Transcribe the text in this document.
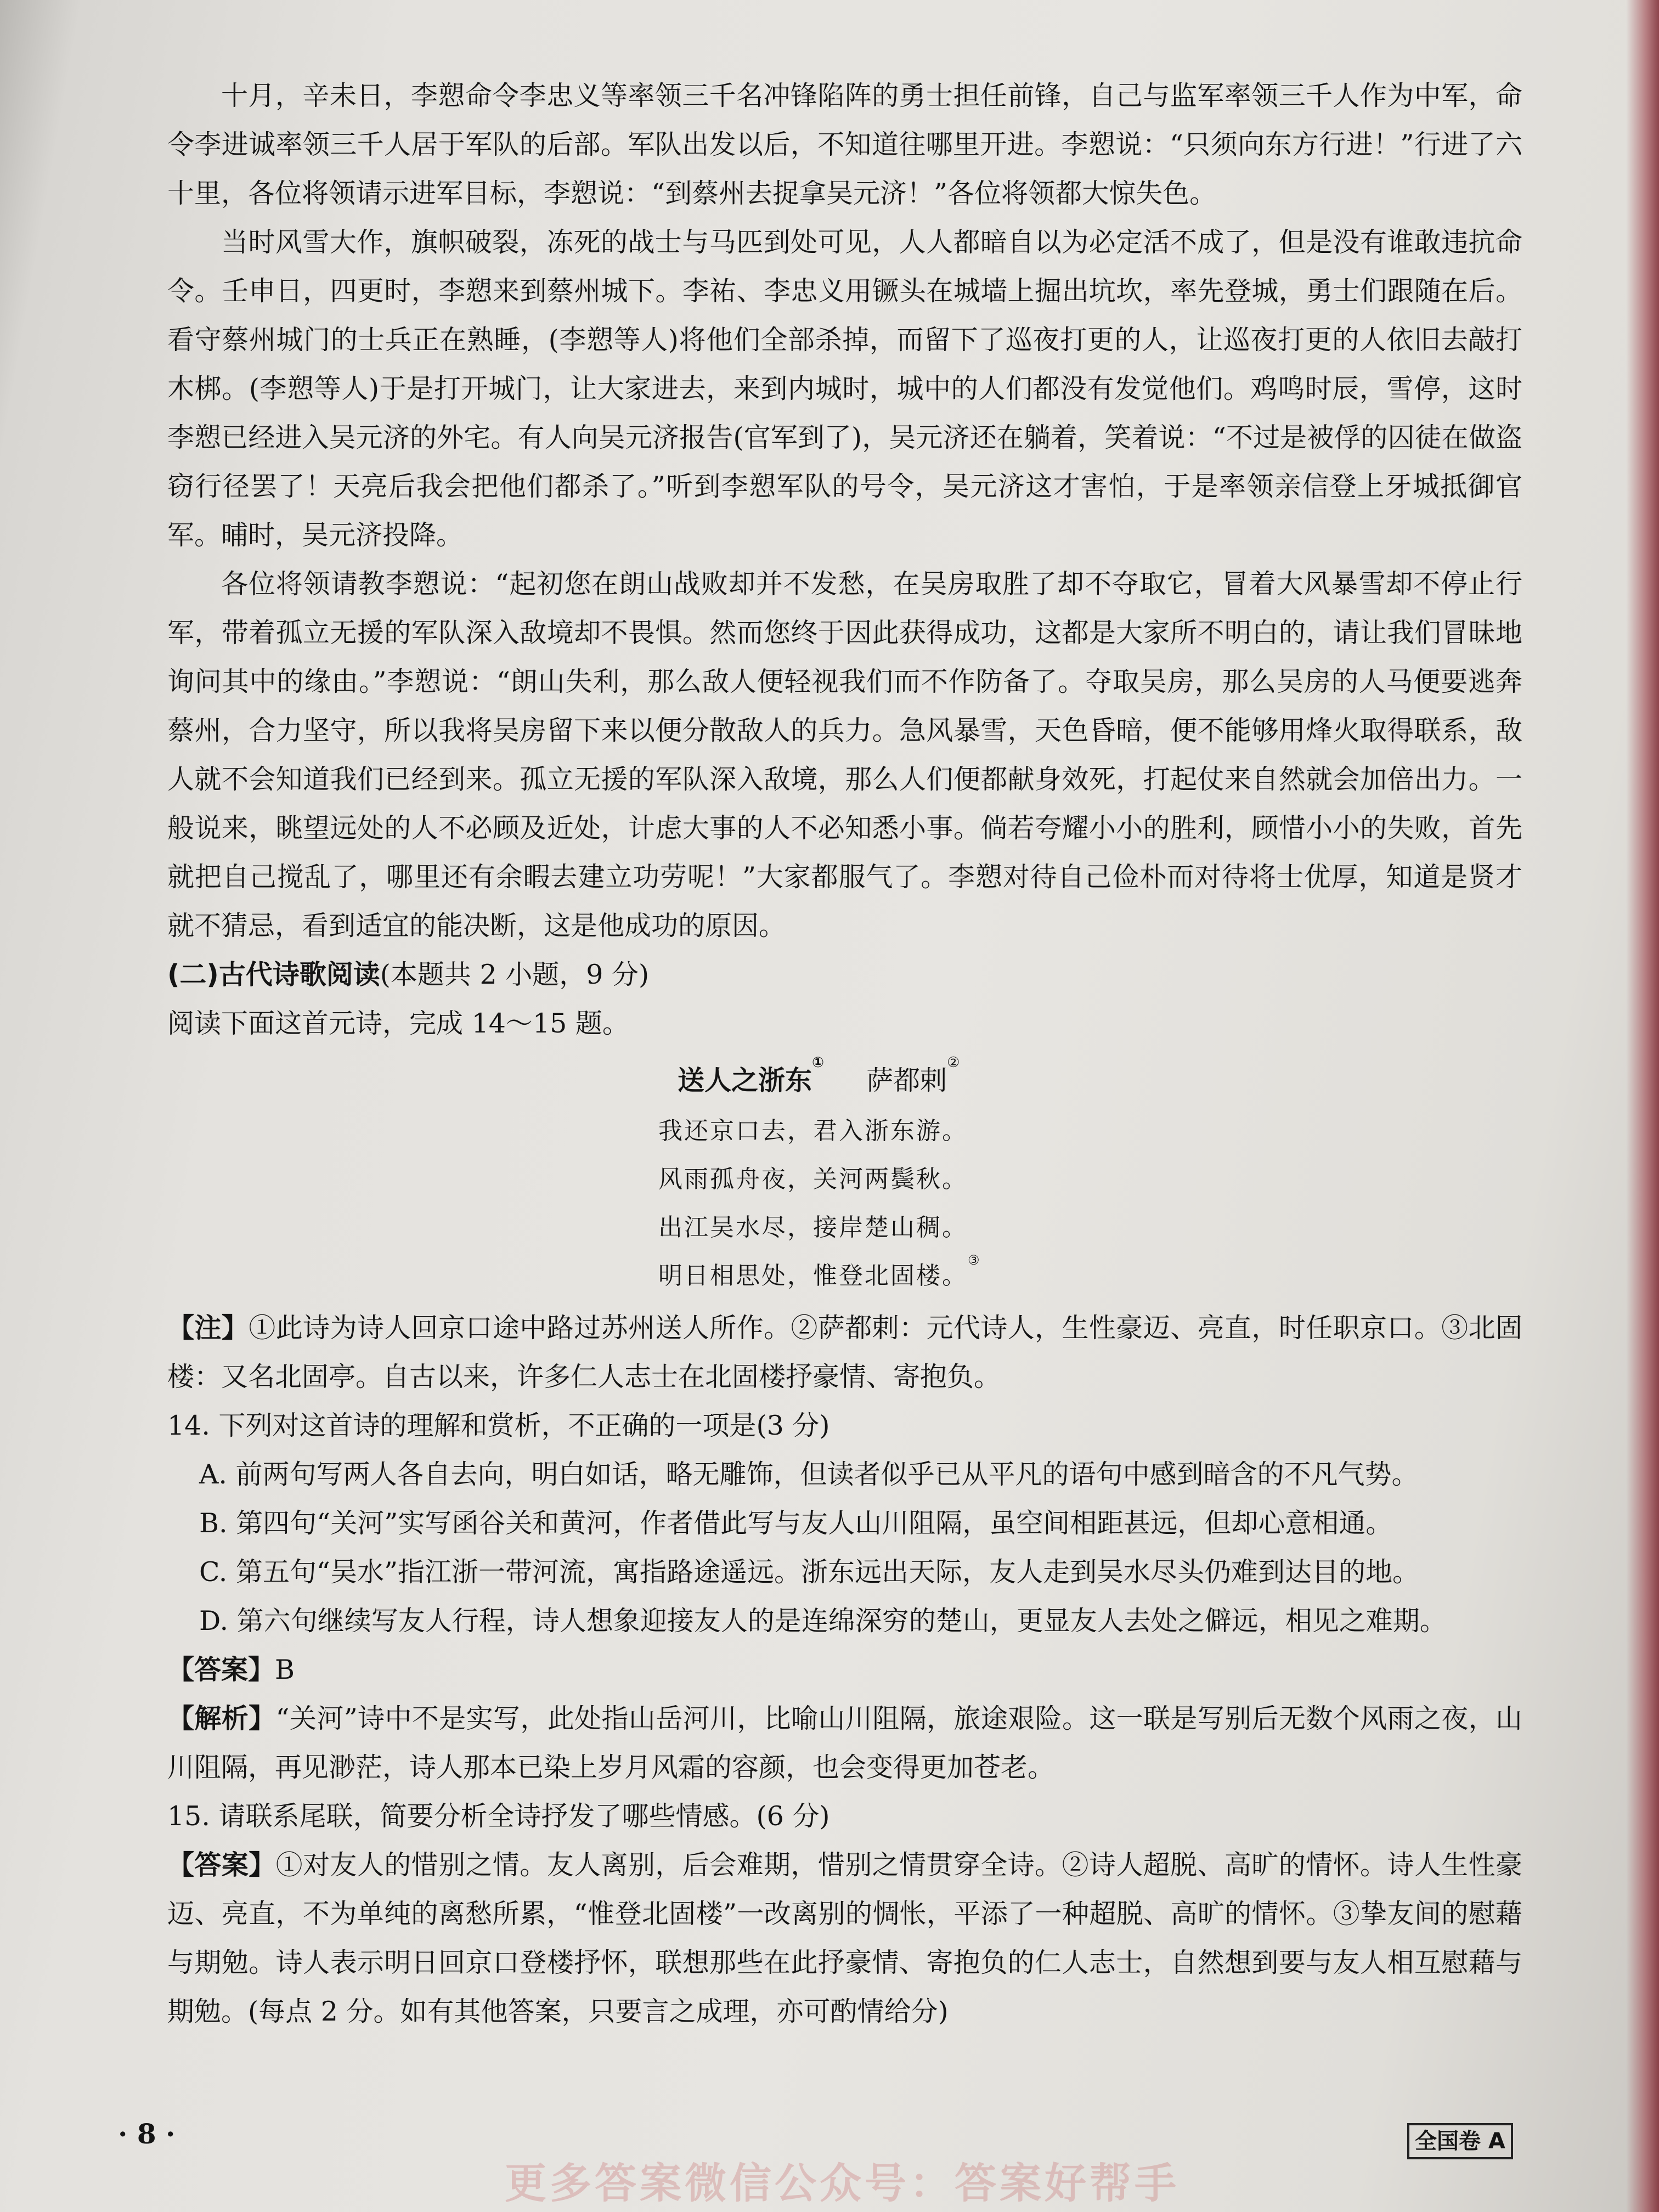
十月，辛未日，李愬命令李忠义等率领三千名冲锋陷阵的勇士担任前锋，自己与监军率领三千人作为中军，命令李进诚率领三千人居于军队的后部。军队出发以后，不知道往哪里开进。李愬说：“只须向东方行进！”行进了六十里，各位将领请示进军目标，李愬说：“到蔡州去捉拿吴元济！”各位将领都大惊失色。

当时风雪大作，旗帜破裂，冻死的战士与马匹到处可见，人人都暗自以为必定活不成了，但是没有谁敢违抗命令。壬申日，四更时，李愬来到蔡州城下。李祐、李忠义用镢头在城墙上掘出坑坎，率先登城，勇士们跟随在后。看守蔡州城门的士兵正在熟睡，(李愬等人)将他们全部杀掉，而留下了巡夜打更的人，让巡夜打更的人依旧去敲打木梆。(李愬等人)于是打开城门，让大家进去，来到内城时，城中的人们都没有发觉他们。鸡鸣时辰，雪停，这时李愬已经进入吴元济的外宅。有人向吴元济报告(官军到了)，吴元济还在躺着，笑着说：“不过是被俘的囚徒在做盗窃行径罢了！天亮后我会把他们都杀了。”听到李愬军队的号令，吴元济这才害怕，于是率领亲信登上牙城抵御官军。晡时，吴元济投降。

各位将领请教李愬说：“起初您在朗山战败却并不发愁，在吴房取胜了却不夺取它，冒着大风暴雪却不停止行军，带着孤立无援的军队深入敌境却不畏惧。然而您终于因此获得成功，这都是大家所不明白的，请让我们冒昧地询问其中的缘由。”李愬说：“朗山失利，那么敌人便轻视我们而不作防备了。夺取吴房，那么吴房的人马便要逃奔蔡州，合力坚守，所以我将吴房留下来以便分散敌人的兵力。急风暴雪，天色昏暗，便不能够用烽火取得联系，敌人就不会知道我们已经到来。孤立无援的军队深入敌境，那么人们便都献身效死，打起仗来自然就会加倍出力。一般说来，眺望远处的人不必顾及近处，计虑大事的人不必知悉小事。倘若夸耀小小的胜利，顾惜小小的失败，首先就把自己搅乱了，哪里还有余暇去建立功劳呢！”大家都服气了。李愬对待自己俭朴而对待将士优厚，知道是贤才就不猜忌，看到适宜的能决断，这是他成功的原因。

(二)古代诗歌阅读(本题共 2 小题，9 分)

阅读下面这首元诗，完成 14～15 题。

送人之浙东① 萨都剌②
我还京口去，君入浙东游。
风雨孤舟夜，关河两鬓秋。
出江吴水尽，接岸楚山稠。
明日相思处，惟登北固楼。③

【注】①此诗为诗人回京口途中路过苏州送人所作。②萨都剌：元代诗人，生性豪迈、亮直，时任职京口。③北固楼：又名北固亭。自古以来，许多仁人志士在北固楼抒豪情、寄抱负。

14. 下列对这首诗的理解和赏析，不正确的一项是(3 分)

A. 前两句写两人各自去向，明白如话，略无雕饰，但读者似乎已从平凡的语句中感到暗含的不凡气势。

B. 第四句“关河”实写函谷关和黄河，作者借此写与友人山川阻隔，虽空间相距甚远，但却心意相通。

C. 第五句“吴水”指江浙一带河流，寓指路途遥远。浙东远出天际，友人走到吴水尽头仍难到达目的地。

D. 第六句继续写友人行程，诗人想象迎接友人的是连绵深穷的楚山，更显友人去处之僻远，相见之难期。

【答案】B

【解析】“关河”诗中不是实写，此处指山岳河川，比喻山川阻隔，旅途艰险。这一联是写别后无数个风雨之夜，山川阻隔，再见渺茫，诗人那本已染上岁月风霜的容颜，也会变得更加苍老。

15. 请联系尾联，简要分析全诗抒发了哪些情感。(6 分)

【答案】①对友人的惜别之情。友人离别，后会难期，惜别之情贯穿全诗。②诗人超脱、高旷的情怀。诗人生性豪迈、亮直，不为单纯的离愁所累，“惟登北固楼”一改离别的惆怅，平添了一种超脱、高旷的情怀。③挚友间的慰藉与期勉。诗人表示明日回京口登楼抒怀，联想那些在此抒豪情、寄抱负的仁人志士，自然想到要与友人相互慰藉与期勉。(每点 2 分。如有其他答案，只要言之成理，亦可酌情给分)

· 8 ·	全国卷 A
更多答案微信公众号：答案好帮手
